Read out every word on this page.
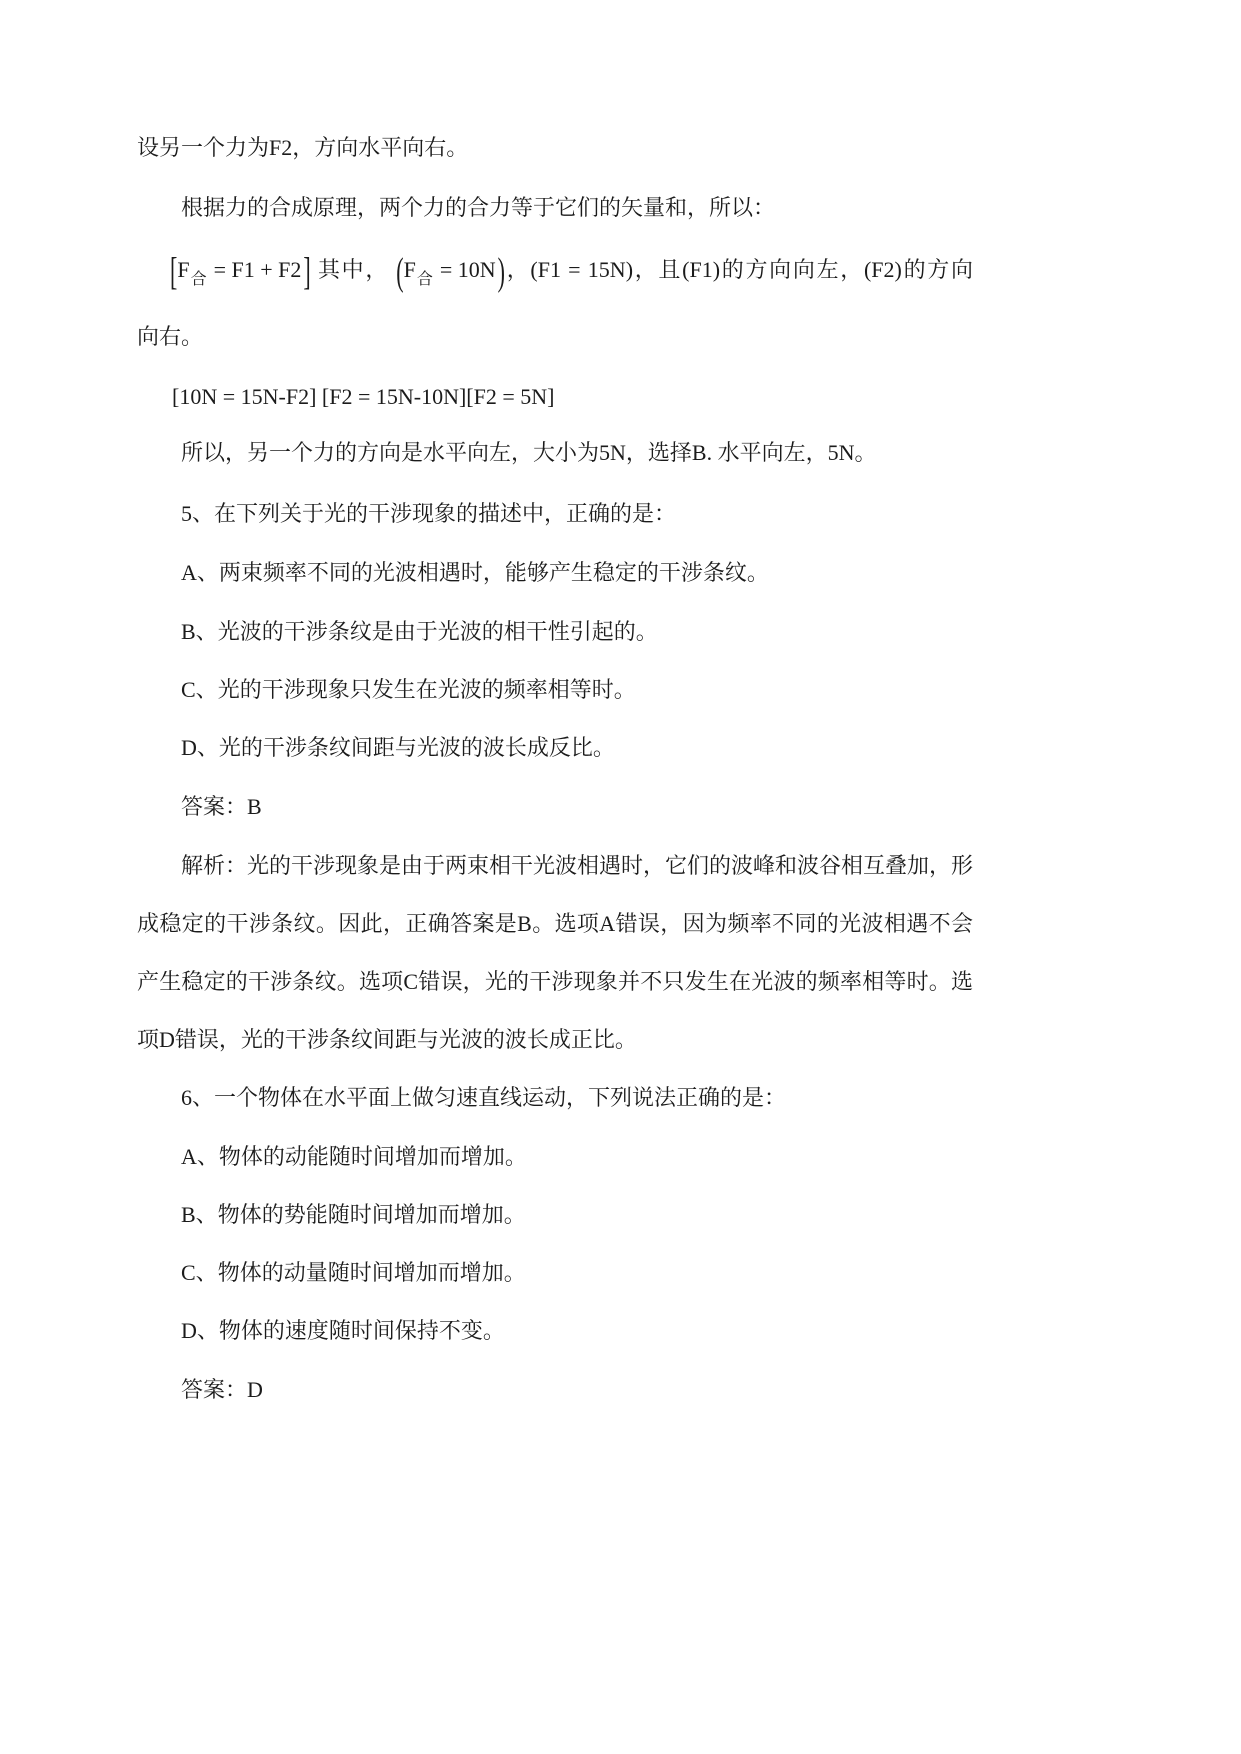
设另一个力为F2，方向水平向右。
根据力的合成原理，两个力的合力等于它们的矢量和，所以：
$[F_合 = F1 + F2]$ 其中， $(F_合 = 10N)$，(F1 = 15N)，且(F1)的方向向左，(F2)的方向
向右。
[10N = 15N-F2] [F2 = 15N-10N][F2 = 5N]
所以，另一个力的方向是水平向左，大小为5N，选择B. 水平向左，5N。
5、在下列关于光的干涉现象的描述中，正确的是：
A、两束频率不同的光波相遇时，能够产生稳定的干涉条纹。
B、光波的干涉条纹是由于光波的相干性引起的。
C、光的干涉现象只发生在光波的频率相等时。
D、光的干涉条纹间距与光波的波长成反比。
答案：B
解析：光的干涉现象是由于两束相干光波相遇时，它们的波峰和波谷相互叠加，形
成稳定的干涉条纹。因此，正确答案是B。选项A错误，因为频率不同的光波相遇不会
产生稳定的干涉条纹。选项C错误，光的干涉现象并不只发生在光波的频率相等时。选
项D错误，光的干涉条纹间距与光波的波长成正比。
6、一个物体在水平面上做匀速直线运动，下列说法正确的是：
A、物体的动能随时间增加而增加。
B、物体的势能随时间增加而增加。
C、物体的动量随时间增加而增加。
D、物体的速度随时间保持不变。
答案：D
